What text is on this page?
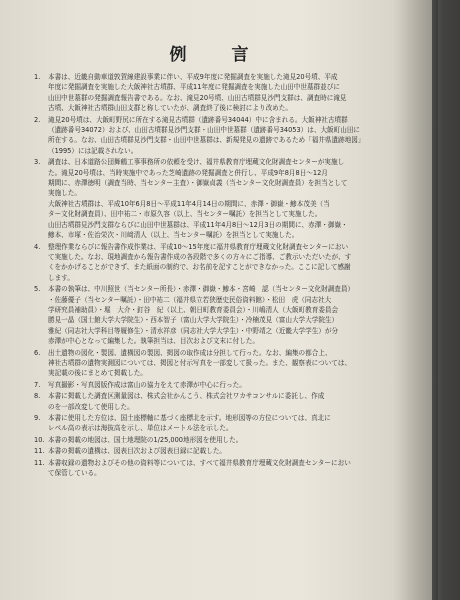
例　言
1. 本書は、近畿自動車道敦賀線建設事業に伴い、平成9年度に発掘調査を実施した滝見20号墳、平成

年度に発掘調査を実施した大飯神社古墳群、平成11年度に発掘調査を実施した山田中世墓群並びに

山田中世墓群の発掘調査報告書である。なお、滝見20号墳、山田古墳群見沙門支群は、調査時に滝見

古墳、大飯神社古墳群山田支群と称していたが、調査終了後に検討により改めた。

2. 滝見20号墳は、大飯町野尻に所在する滝見古墳群（遺跡番号34044）中に含まれる。大飯神社古墳群

（遺跡番号34072）および、山田古墳群見沙門支群・山田中世墓群（遺跡番号34053）は、大飯町山田に

所在する。なお、山田古墳群見沙門支群・山田中世墓群は、新規発見の遺跡であるため「福井県遺跡地図」

（1995）には記載されない。

3. 調査は、日本道路公団舞鶴工事事務所の依頼を受け、福井県教育庁埋蔵文化財調査センターが実施し

た。滝見20号墳は、当時実施中であった芝崎遺跡の発掘調査と併行し、平成9年8月8日～12月

期間に、赤澤徳明（調査当時、当センター主査）・御嶽貞義（当センター文化財調査員）を担当として

実施した。

大飯神社古墳群は、平成10年6月8日～平成11年4月14日の期間に、赤澤・御嶽・鯵本茂美（当

ター文化財調査員）、田中祐二・市原久容（以上、当センター嘱託）を担当として実施した。

山田古墳群見沙門支群ならびに山田中世墓群は、平成11年4月8日～12月3日の期間に、赤澤・御嶽・

鯵本、市塚・佐治栄次・川﨑清人（以上、当センター嘱託）を担当として実施した。

4. 整理作業ならびに報告書作成作業は、平成10～15年度に福井県教育庁埋蔵文化財調査センターにおい

て実施した。なお、現地調査から報告書作成の各段階で多くの方々にご指導、ご教示いただいたが、す

くをかかげることができず、また紙面の制約で、お名前を記すことができなかった。ここに記して感謝

します。

5. 本書の執筆は、中川照世（当センター所長）・赤澤・御嶽・鯵本・宮崎　認（当センター文化財調査員）

・佐藤優子（当センター嘱託）・田中祐二（福井県立若狭歴史民俗資料館）・松田　虎（同志社大

学研究員補助員）・堀　大介・釘谷　紀（以上、朝日町教育委員会）・川嶋清人（大飯町教育委員会

勝見一晶（国士館大学大学院生）・西本智子（富山大学大学院生）・冷楠茂見（富山大学大学院生）

雅紀（同志社大学科目等履修生）・清水祥彦（同志社大学大学生）・中野靖之（近畿大学学生）が分

赤澤が中心となって編集した。執筆担当は、目次および文末に付した。

6. 出土遺物の図化・製図、遺構図の製図、掲図の取作成は分担して行った。なお、編集の都合上、

神社古墳群の遺物実測図については、掲図と付示写真を一部変して扱った。また、観察表については、

実記載の後にまとめて掲載した。

7. 写真撮影・写真図版作成は富山の協力をえて赤澤が中心に行った。

8. 本書に掲載した調査区測量図は、株式会社かんこう、株式会社ワカサコンサルに委託し、作成

のを一部改変して使用した。

9. 本書に使用した方位は、国土座標軸に基づく座標北を示す。地形図等の方位については、真北に

レベル高の表示は海抜高を示し、単位はメートル法を示した。

10. 本書の掲載の地図は、国土地理院の1/25,000地形図を使用した。

11. 本書の掲載の遺構は、図表目次および図表目録に記載した。

11. 本書収録の遺物およびその他の資料等については、すべて福井県教育庁埋蔵文化財調査センターにおい

て保管している。
